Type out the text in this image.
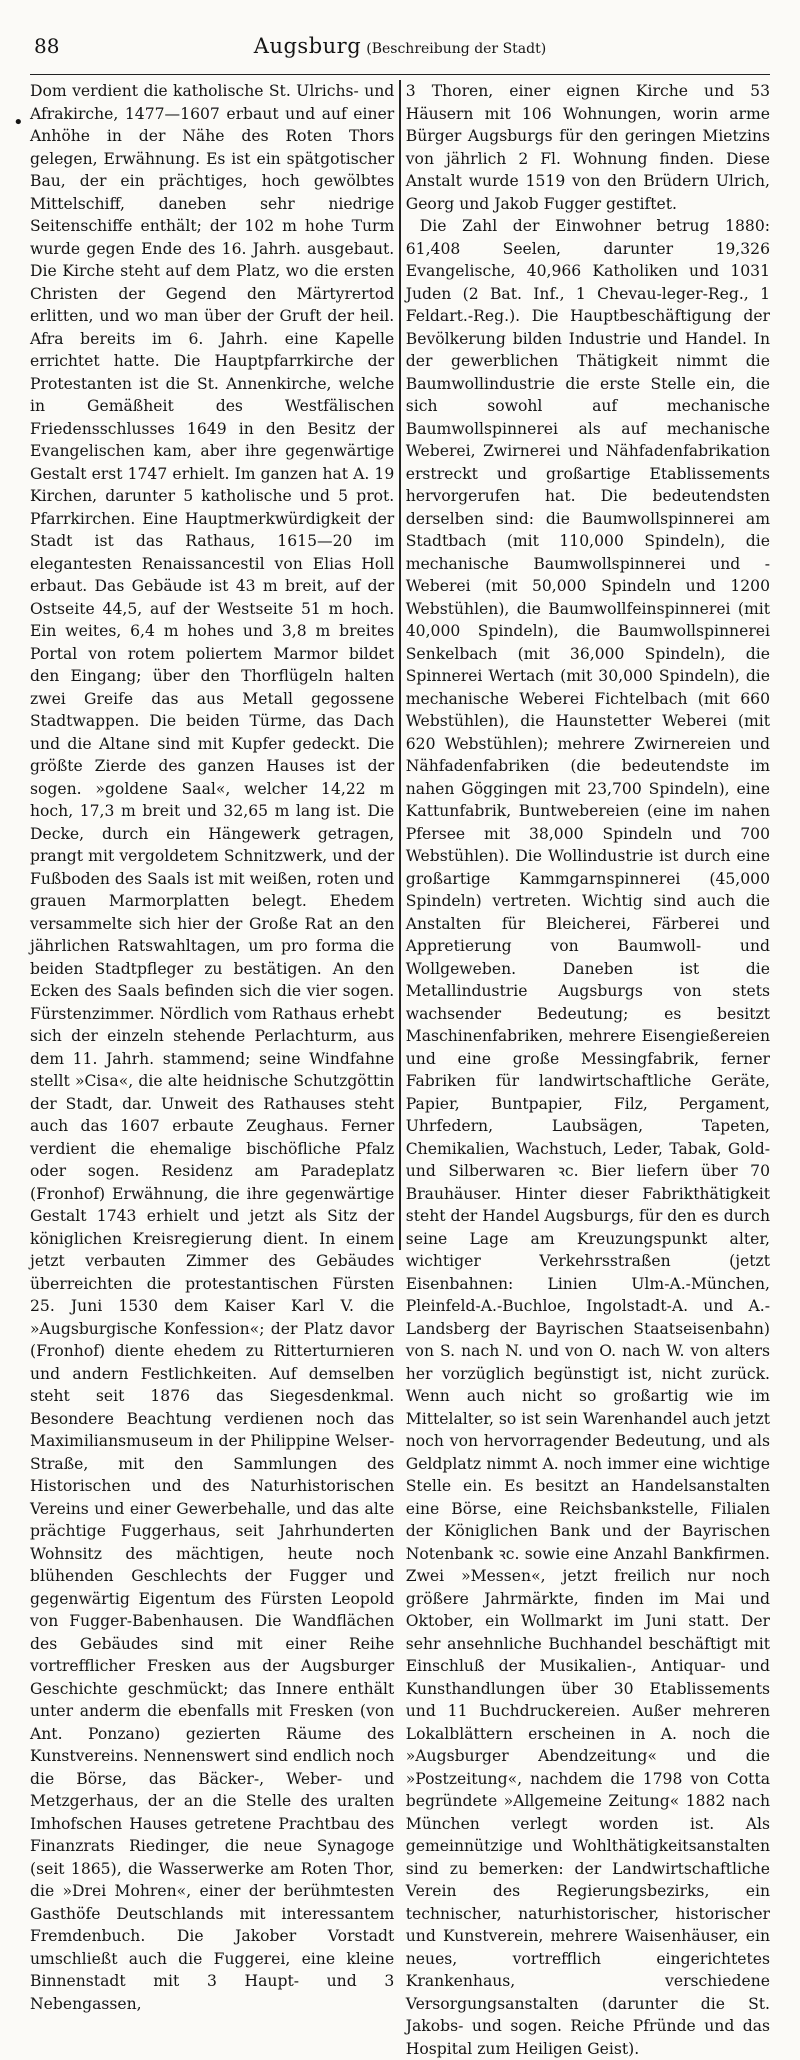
88	Augsburg (Beschreibung der Stadt)
•

Dom verdient die katholische St. Ulrichs- und Afrakirche, 1477—1607 erbaut und auf einer Anhöhe in der Nähe des Roten Thors gelegen, Erwähnung. Es ist ein spätgotischer Bau, der ein prächtiges, hoch gewölbtes Mittelschiff, daneben sehr niedrige Seitenschiffe enthält; der 102 m hohe Turm wurde gegen Ende des 16. Jahrh. ausgebaut. Die Kirche steht auf dem Platz, wo die ersten Christen der Gegend den Märtyrertod erlitten, und wo man über der Gruft der heil. Afra bereits im 6. Jahrh. eine Kapelle errichtet hatte. Die Hauptpfarrkirche der Protestanten ist die St. Annenkirche, welche in Gemäßheit des Westfälischen Friedensschlusses 1649 in den Besitz der Evangelischen kam, aber ihre gegenwärtige Gestalt erst 1747 erhielt. Im ganzen hat A. 19 Kirchen, darunter 5 katholische und 5 prot. Pfarrkirchen. Eine Hauptmerkwürdigkeit der Stadt ist das Rathaus, 1615—20 im elegantesten Renaissancestil von Elias Holl erbaut. Das Gebäude ist 43 m breit, auf der Ostseite 44,5, auf der Westseite 51 m hoch. Ein weites, 6,4 m hohes und 3,8 m breites Portal von rotem poliertem Marmor bildet den Eingang; über den Thorflügeln halten zwei Greife das aus Metall gegossene Stadtwappen. Die beiden Türme, das Dach und die Altane sind mit Kupfer gedeckt. Die größte Zierde des ganzen Hauses ist der sogen. »goldene Saal«, welcher 14,22 m hoch, 17,3 m breit und 32,65 m lang ist. Die Decke, durch ein Hängewerk getragen, prangt mit vergoldetem Schnitzwerk, und der Fußboden des Saals ist mit weißen, roten und grauen Marmorplatten belegt. Ehedem versammelte sich hier der Große Rat an den jährlichen Ratswahltagen, um pro forma die beiden Stadtpfleger zu bestätigen. An den Ecken des Saals befinden sich die vier sogen. Fürstenzimmer. Nördlich vom Rathaus erhebt sich der einzeln stehende Perlachturm, aus dem 11. Jahrh. stammend; seine Windfahne stellt »Cisa«, die alte heidnische Schutzgöttin der Stadt, dar. Unweit des Rathauses steht auch das 1607 erbaute Zeughaus. Ferner verdient die ehemalige bischöfliche Pfalz oder sogen. Residenz am Paradeplatz (Fronhof) Erwähnung, die ihre gegenwärtige Gestalt 1743 erhielt und jetzt als Sitz der königlichen Kreisregierung dient. In einem jetzt verbauten Zimmer des Gebäudes überreichten die protestantischen Fürsten 25. Juni 1530 dem Kaiser Karl V. die »Augsburgische Konfession«; der Platz davor (Fronhof) diente ehedem zu Ritterturnieren und andern Festlichkeiten. Auf demselben steht seit 1876 das Siegesdenkmal. Besondere Beachtung verdienen noch das Maximiliansmuseum in der Philippine Welser-Straße, mit den Sammlungen des Historischen und des Naturhistorischen Vereins und einer Gewerbehalle, und das alte prächtige Fuggerhaus, seit Jahrhunderten Wohnsitz des mächtigen, heute noch blühenden Geschlechts der Fugger und gegenwärtig Eigentum des Fürsten Leopold von Fugger-Babenhausen. Die Wandflächen des Gebäudes sind mit einer Reihe vortrefflicher Fresken aus der Augsburger Geschichte geschmückt; das Innere enthält unter anderm die ebenfalls mit Fresken (von Ant. Ponzano) gezierten Räume des Kunstvereins. Nennenswert sind endlich noch die Börse, das Bäcker-, Weber- und Metzgerhaus, der an die Stelle des uralten Imhofschen Hauses getretene Prachtbau des Finanzrats Riedinger, die neue Synagoge (seit 1865), die Wasserwerke am Roten Thor, die »Drei Mohren«, einer der berühmtesten Gasthöfe Deutschlands mit interessantem Fremdenbuch. Die Jakober Vorstadt umschließt auch die Fuggerei, eine kleine Binnenstadt mit 3 Haupt- und 3 Nebengassen,

3 Thoren, einer eignen Kirche und 53 Häusern mit 106 Wohnungen, worin arme Bürger Augsburgs für den geringen Mietzins von jährlich 2 Fl. Wohnung finden. Diese Anstalt wurde 1519 von den Brüdern Ulrich, Georg und Jakob Fugger gestiftet.

Die Zahl der Einwohner betrug 1880: 61,408 Seelen, darunter 19,326 Evangelische, 40,966 Katholiken und 1031 Juden (2 Bat. Inf., 1 Chevau-leger-Reg., 1 Feldart.-Reg.). Die Hauptbeschäftigung der Bevölkerung bilden Industrie und Handel. In der gewerblichen Thätigkeit nimmt die Baumwollindustrie die erste Stelle ein, die sich sowohl auf mechanische Baumwollspinnerei als auf mechanische Weberei, Zwirnerei und Nähfadenfabrikation erstreckt und großartige Etablissements hervorgerufen hat. Die bedeutendsten derselben sind: die Baumwollspinnerei am Stadtbach (mit 110,000 Spindeln), die mechanische Baumwollspinnerei und -Weberei (mit 50,000 Spindeln und 1200 Webstühlen), die Baumwollfeinspinnerei (mit 40,000 Spindeln), die Baumwollspinnerei Senkelbach (mit 36,000 Spindeln), die Spinnerei Wertach (mit 30,000 Spindeln), die mechanische Weberei Fichtelbach (mit 660 Webstühlen), die Haunstetter Weberei (mit 620 Webstühlen); mehrere Zwirnereien und Nähfadenfabriken (die bedeutendste im nahen Göggingen mit 23,700 Spindeln), eine Kattunfabrik, Buntwebereien (eine im nahen Pfersee mit 38,000 Spindeln und 700 Webstühlen). Die Wollindustrie ist durch eine großartige Kammgarnspinnerei (45,000 Spindeln) vertreten. Wichtig sind auch die Anstalten für Bleicherei, Färberei und Appretierung von Baumwoll- und Wollgeweben. Daneben ist die Metallindustrie Augsburgs von stets wachsender Bedeutung; es besitzt Maschinenfabriken, mehrere Eisengießereien und eine große Messingfabrik, ferner Fabriken für landwirtschaftliche Geräte, Papier, Buntpapier, Filz, Pergament, Uhrfedern, Laubsägen, Tapeten, Chemikalien, Wachstuch, Leder, Tabak, Gold- und Silberwaren ꝛc. Bier liefern über 70 Brauhäuser. Hinter dieser Fabrikthätigkeit steht der Handel Augsburgs, für den es durch seine Lage am Kreuzungspunkt alter, wichtiger Verkehrsstraßen (jetzt Eisenbahnen: Linien Ulm-A.-München, Pleinfeld-A.-Buchloe, Ingolstadt-A. und A.-Landsberg der Bayrischen Staatseisenbahn) von S. nach N. und von O. nach W. von alters her vorzüglich begünstigt ist, nicht zurück. Wenn auch nicht so großartig wie im Mittelalter, so ist sein Warenhandel auch jetzt noch von hervorragender Bedeutung, und als Geldplatz nimmt A. noch immer eine wichtige Stelle ein. Es besitzt an Handelsanstalten eine Börse, eine Reichsbankstelle, Filialen der Königlichen Bank und der Bayrischen Notenbank ꝛc. sowie eine Anzahl Bankfirmen. Zwei »Messen«, jetzt freilich nur noch größere Jahrmärkte, finden im Mai und Oktober, ein Wollmarkt im Juni statt. Der sehr ansehnliche Buchhandel beschäftigt mit Einschluß der Musikalien-, Antiquar- und Kunsthandlungen über 30 Etablissements und 11 Buchdruckereien. Außer mehreren Lokalblättern erscheinen in A. noch die »Augsburger Abendzeitung« und die »Postzeitung«, nachdem die 1798 von Cotta begründete »Allgemeine Zeitung« 1882 nach München verlegt worden ist. Als gemeinnützige und Wohlthätigkeitsanstalten sind zu bemerken: der Landwirtschaftliche Verein des Regierungsbezirks, ein technischer, naturhistorischer, historischer und Kunstverein, mehrere Waisenhäuser, ein neues, vortrefflich eingerichtetes Krankenhaus, verschiedene Versorgungsanstalten (darunter die St. Jakobs- und sogen. Reiche Pfründe und das Hospital zum Heiligen Geist).
